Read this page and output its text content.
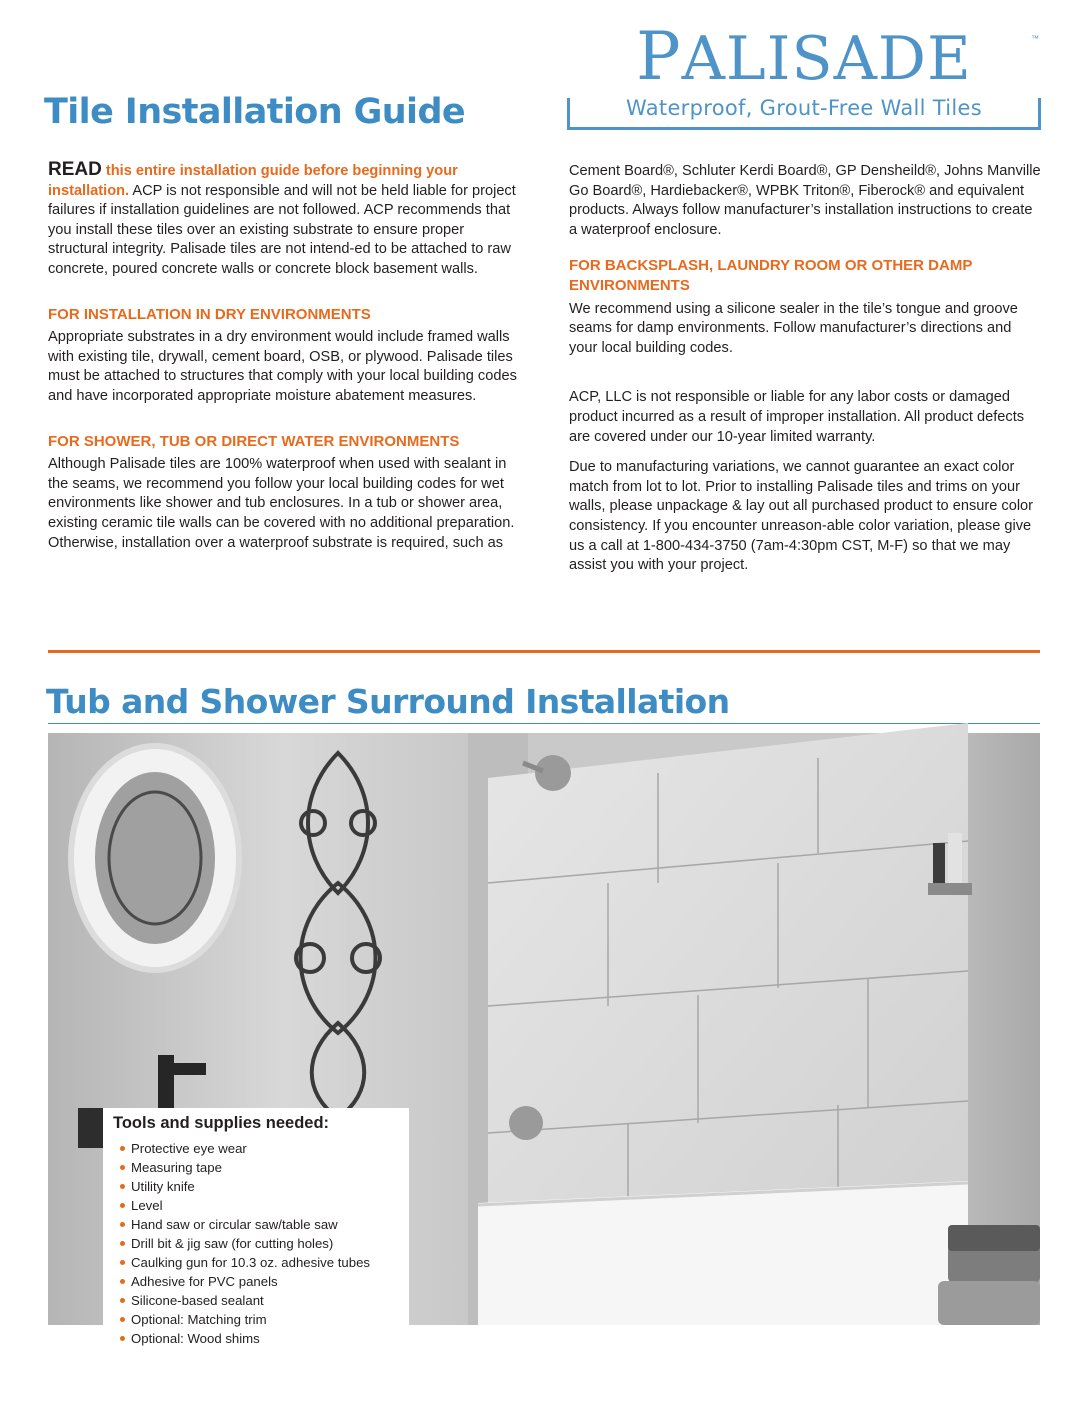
Tile Installation Guide
PALISADE	™
Waterproof, Grout-Free Wall Tiles

READ this entire installation guide before beginning your installation. ACP is not responsible and will not be held liable for project failures if installation guidelines are not followed. ACP recommends that you install these tiles over an existing substrate to ensure proper structural integrity. Palisade tiles are not intend-ed to be attached to raw concrete, poured concrete walls or concrete block basement walls.

FOR INSTALLATION IN DRY ENVIRONMENTS

Appropriate substrates in a dry environment would include framed walls with existing tile, drywall, cement board, OSB, or plywood. Palisade tiles must be attached to structures that comply with your local building codes and have incorporated appropriate moisture abatement measures.

FOR SHOWER, TUB OR DIRECT WATER ENVIRONMENTS

Although Palisade tiles are 100% waterproof when used with sealant in the seams, we recommend you follow your local building codes for wet environments like shower and tub enclosures. In a tub or shower area, existing ceramic tile walls can be covered with no additional preparation. Otherwise, installation over a waterproof substrate is required, such as

Cement Board®, Schluter Kerdi Board®, GP Densheild®, Johns Manville Go Board®, Hardiebacker®, WPBK Triton®, Fiberock® and equivalent products. Always follow manufacturer’s installation instructions to create a waterproof enclosure.

FOR BACKSPLASH, LAUNDRY ROOM OR OTHER DAMP ENVIRONMENTS

We recommend using a silicone sealer in the tile’s tongue and groove seams for damp environments. Follow manufacturer’s directions and your local building codes.

ACP, LLC is not responsible or liable for any labor costs or damaged product incurred as a result of improper installation. All product defects are covered under our 10-year limited warranty.

Due to manufacturing variations, we cannot guarantee an exact color match from lot to lot. Prior to installing Palisade tiles and trims on your walls, please unpackage & lay out all purchased product to ensure color consistency. If you encounter unreason-able color variation, please give us a call at 1-800-434-3750 (7am-4:30pm CST, M-F) so that we may assist you with your project.

Tub and Shower Surround Installation
Tools and supplies needed:
Protective eye wear
Measuring tape
Utility knife
Level
Hand saw or circular saw/table saw
Drill bit & jig saw (for cutting holes)
Caulking gun for 10.3 oz. adhesive tubes
Adhesive for PVC panels
Silicone-based sealant
Optional: Matching trim
Optional: Wood shims
